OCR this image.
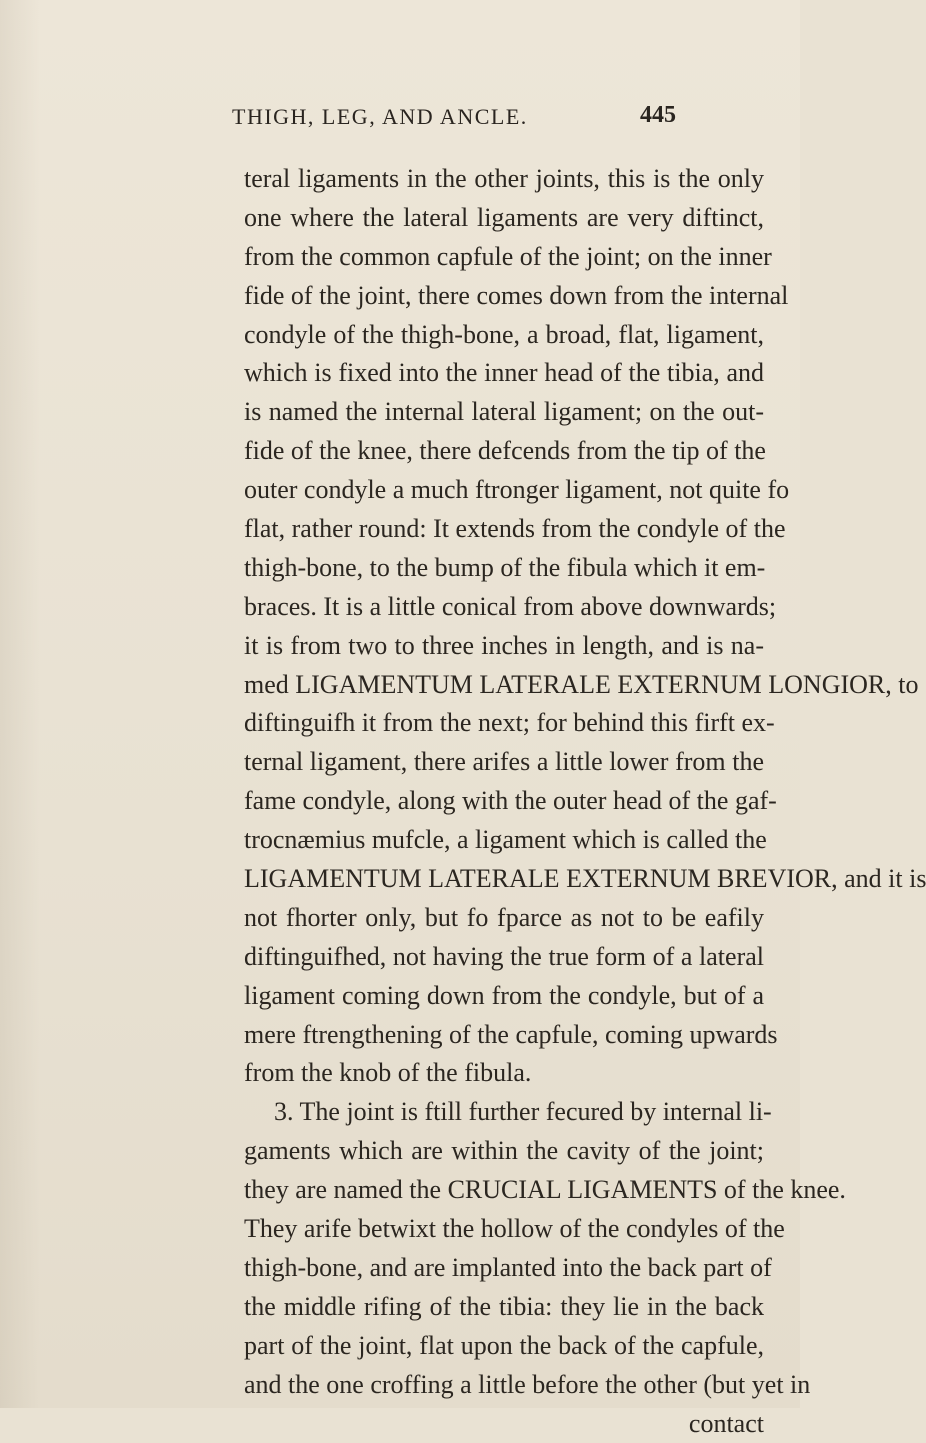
THIGH, LEG, AND ANCLE.	445
teral ligaments in the other joints, this is the only
one where the lateral ligaments are very diftinct,
from the common capfule of the joint; on the inner
fide of the joint, there comes down from the internal
condyle of the thigh-bone, a broad, flat, ligament,
which is fixed into the inner head of the tibia, and
is named the internal lateral ligament; on the out-
fide of the knee, there defcends from the tip of the
outer condyle a much ftronger ligament, not quite fo
flat, rather round: It extends from the condyle of the
thigh-bone, to the bump of the fibula which it em-
braces. It is a little conical from above downwards;
it is from two to three inches in length, and is na-
med LIGAMENTUM LATERALE EXTERNUM LONGIOR, to
diftinguifh it from the next; for behind this firft ex-
ternal ligament, there arifes a little lower from the
fame condyle, along with the outer head of the gaf-
trocnæmius mufcle, a ligament which is called the
LIGAMENTUM LATERALE EXTERNUM BREVIOR, and it is
not fhorter only, but fo fparce as not to be eafily
diftinguifhed, not having the true form of a lateral
ligament coming down from the condyle, but of a
mere ftrengthening of the capfule, coming upwards
from the knob of the fibula.
3. The joint is ftill further fecured by internal li-
gaments which are within the cavity of the joint;
they are named the CRUCIAL LIGAMENTS of the knee.
They arife betwixt the hollow of the condyles of the
thigh-bone, and are implanted into the back part of
the middle rifing of the tibia: they lie in the back
part of the joint, flat upon the back of the capfule,
and the one croffing a little before the other (but yet in
contact
